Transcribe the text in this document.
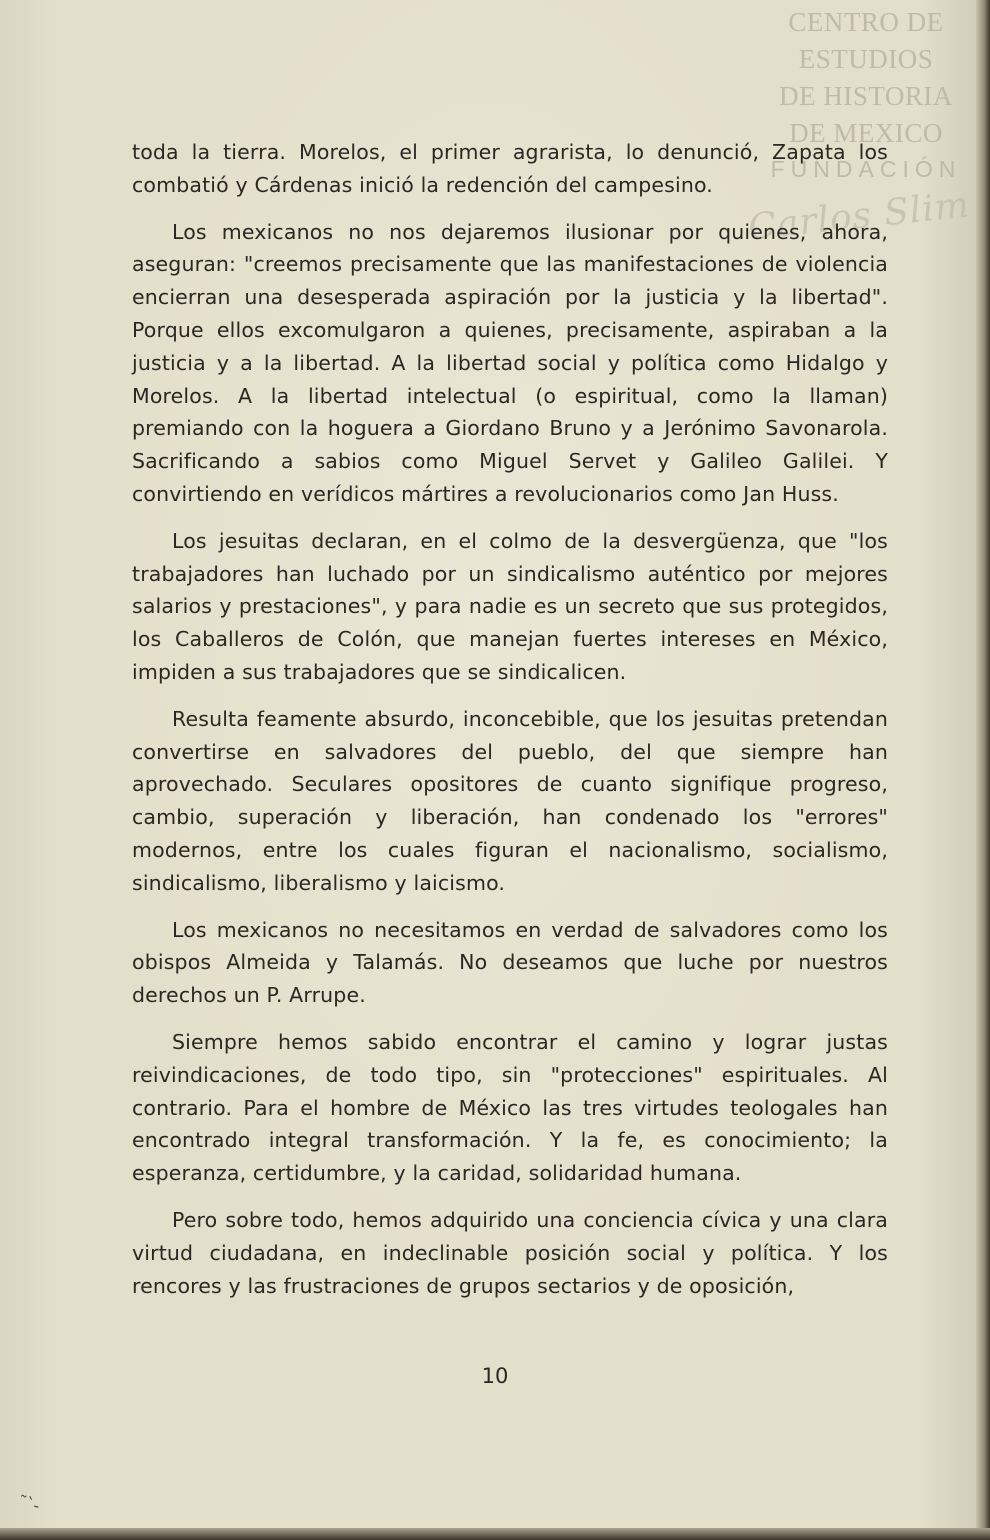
CENTRO DE
ESTUDIOS
DE HISTORIA
DE MEXICO
FUNDACIÓN
Carlos Slim

toda la tierra. Morelos, el primer agrarista, lo denunció, Zapata los combatió y Cárdenas inició la redención del campesino.

Los mexicanos no nos dejaremos ilusionar por quienes, ahora, aseguran: "creemos precisamente que las manifestaciones de violencia encierran una desesperada aspiración por la justicia y la libertad". Porque ellos excomulgaron a quienes, precisamente, aspiraban a la justicia y a la libertad. A la libertad social y política como Hidalgo y Morelos. A la libertad intelectual (o espiritual, como la llaman) premiando con la hoguera a Giordano Bruno y a Jerónimo Savonarola. Sacrificando a sabios como Miguel Servet y Galileo Galilei. Y convirtiendo en verídicos mártires a revolucionarios como Jan Huss.

Los jesuitas declaran, en el colmo de la desvergüenza, que "los trabajadores han luchado por un sindicalismo auténtico por mejores salarios y prestaciones", y para nadie es un secreto que sus protegidos, los Caballeros de Colón, que manejan fuertes intereses en México, impiden a sus trabajadores que se sindicalicen.

Resulta feamente absurdo, inconcebible, que los jesuitas pretendan convertirse en salvadores del pueblo, del que siempre han aprovechado. Seculares opositores de cuanto signifique progreso, cambio, superación y liberación, han condenado los "errores" modernos, entre los cuales figuran el nacionalismo, socialismo, sindicalismo, liberalismo y laicismo.

Los mexicanos no necesitamos en verdad de salvadores como los obispos Almeida y Talamás. No deseamos que luche por nuestros derechos un P. Arrupe.

Siempre hemos sabido encontrar el camino y lograr justas reivindicaciones, de todo tipo, sin "protecciones" espirituales. Al contrario. Para el hombre de México las tres virtudes teologales han encontrado integral transformación. Y la fe, es conocimiento; la esperanza, certidumbre, y la caridad, solidaridad humana.

Pero sobre todo, hemos adquirido una conciencia cívica y una clara virtud ciudadana, en indeclinable posición social y política. Y los rencores y las frustraciones de grupos sectarios y de oposición,

10
˜`‐
